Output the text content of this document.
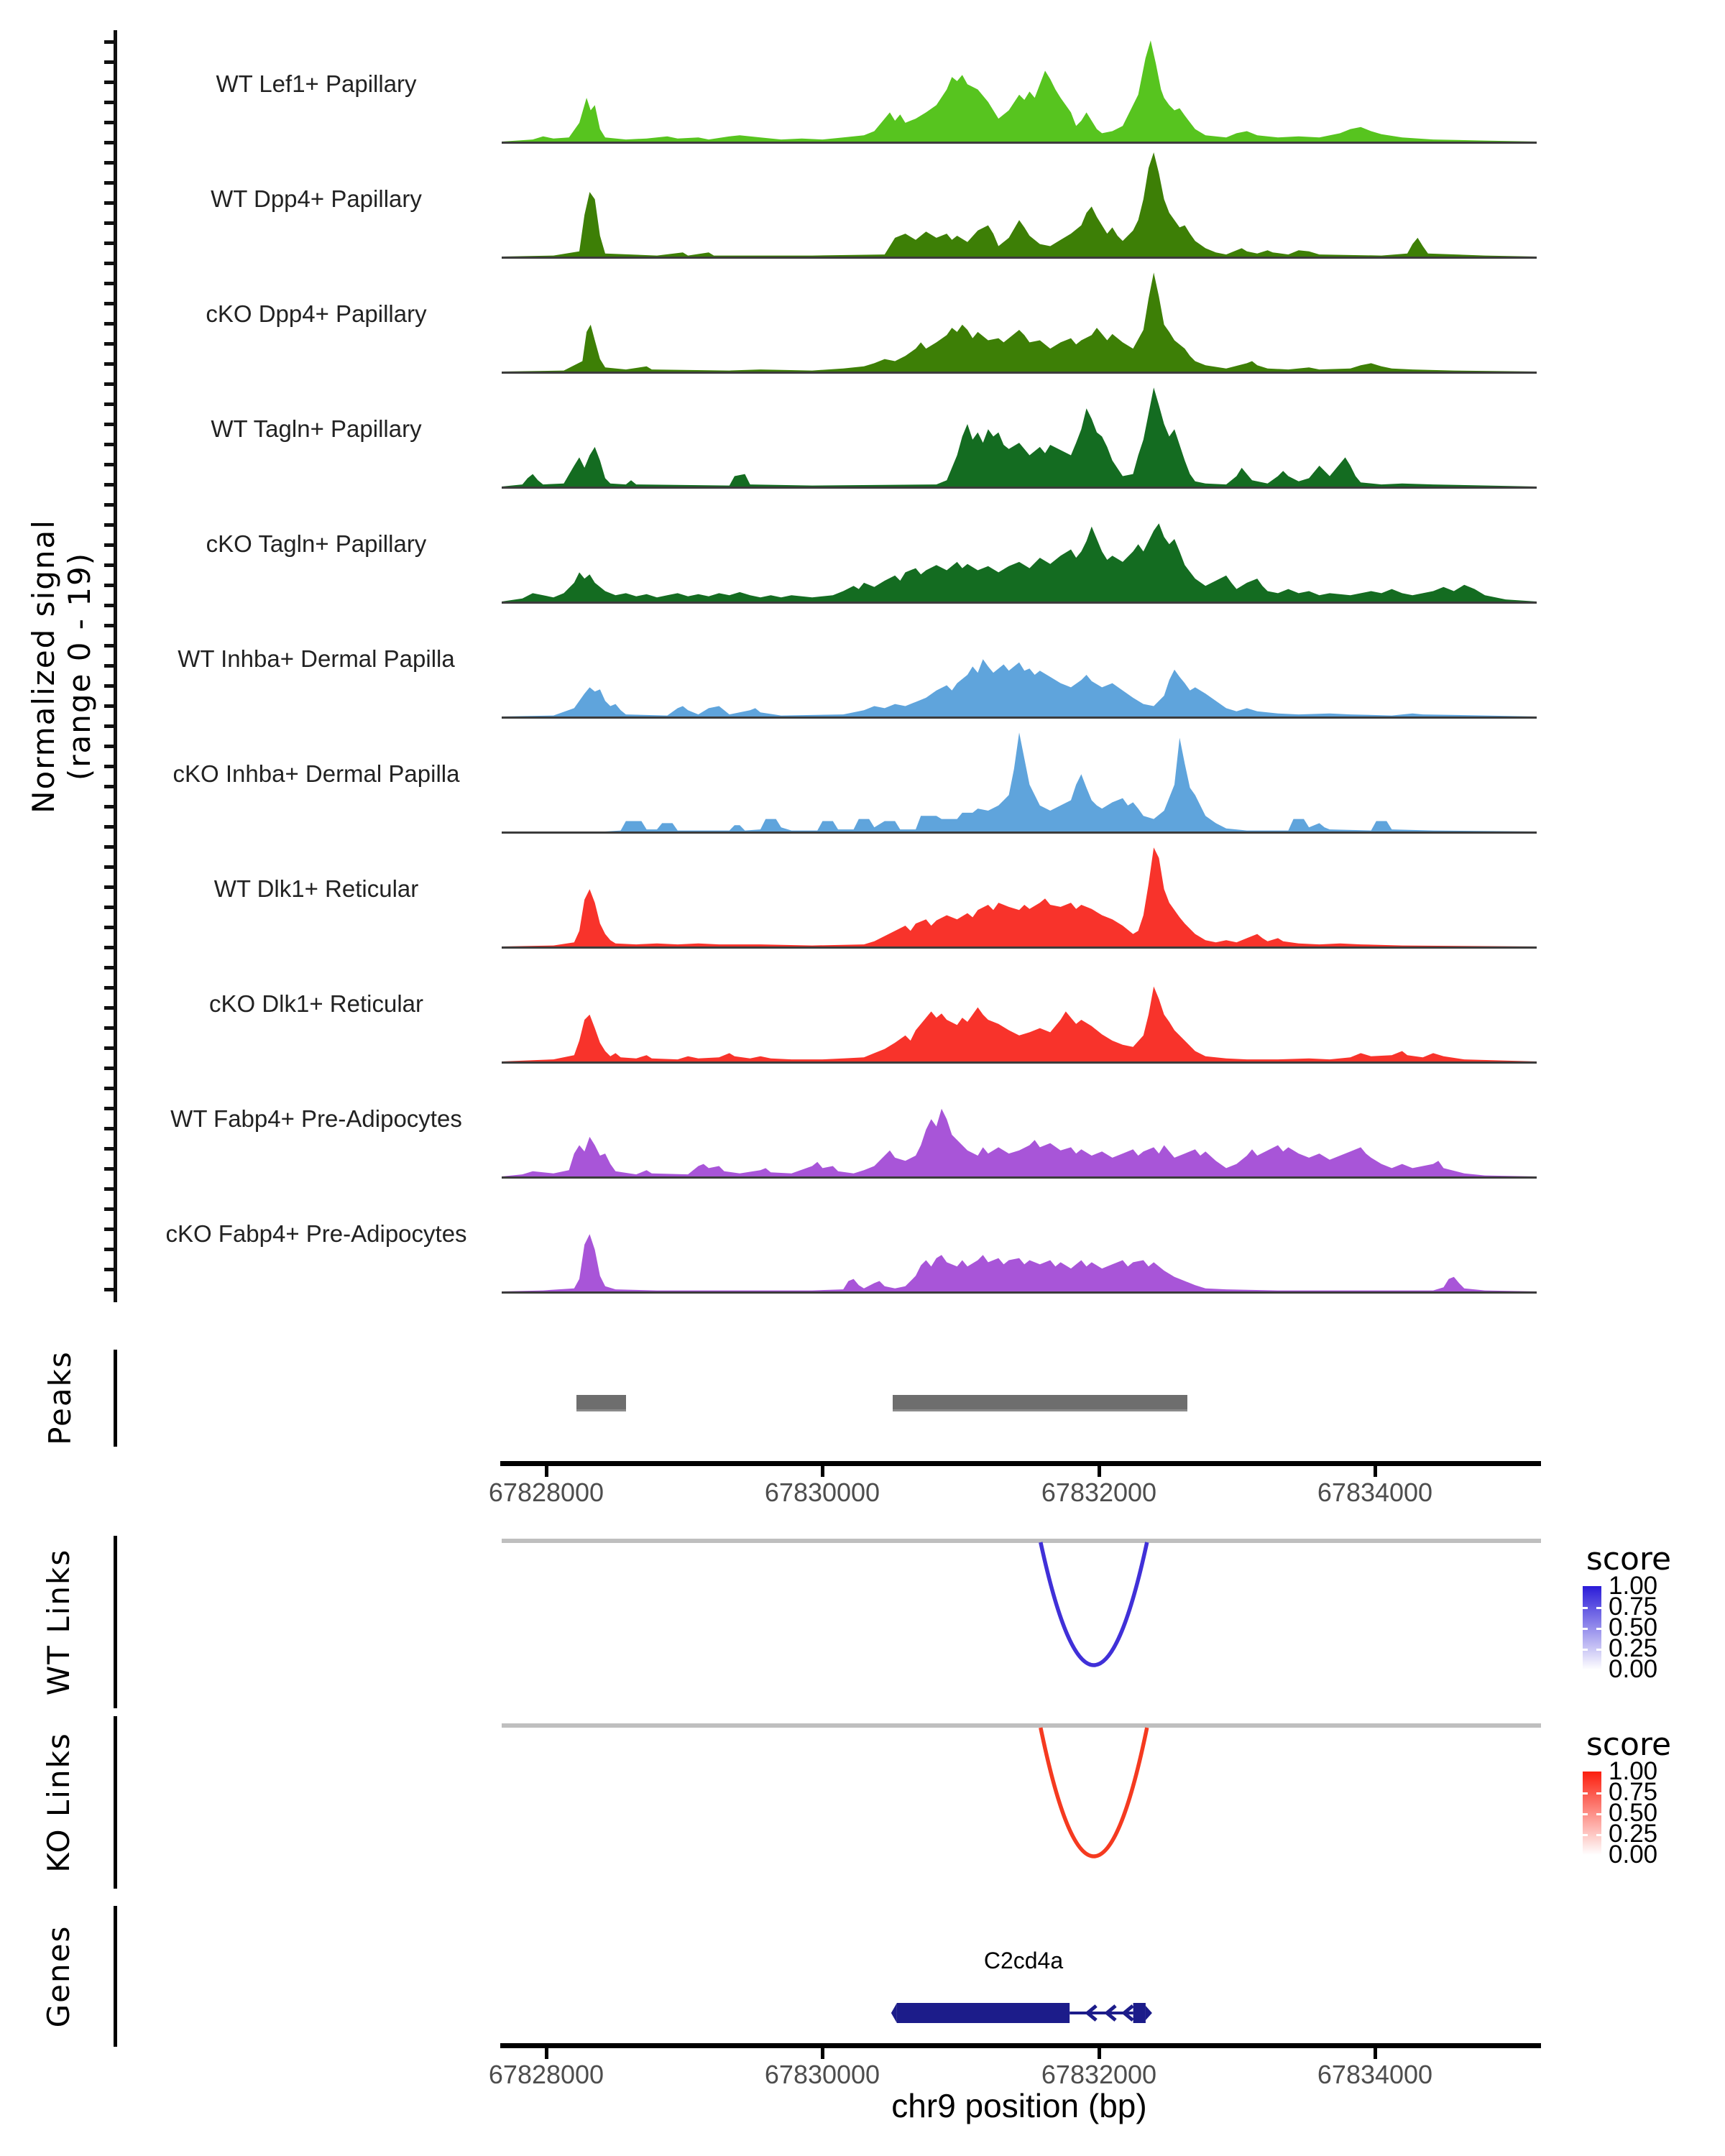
Normalized signal (range 0 - 19)
WT Lef1+ Papillary
WT Dpp4+ Papillary
cKO Dpp4+ Papillary
WT Tagln+ Papillary
cKO Tagln+ Papillary
WT Inhba+ Dermal Papilla
cKO Inhba+ Dermal Papilla
WT Dlk1+ Reticular
cKO Dlk1+ Reticular
WT Fabp4+ Pre-Adipocytes
cKO Fabp4+ Pre-Adipocytes
Peaks
67828000	67830000	67832000	67834000
WT Links	score
1.00
0.75
0.50
0.25
0.00
KO Links	score
1.00
0.75
0.50
0.25
0.00
Genes	C2cd4a
67828000	67830000	67832000	67834000
chr9 position (bp)
